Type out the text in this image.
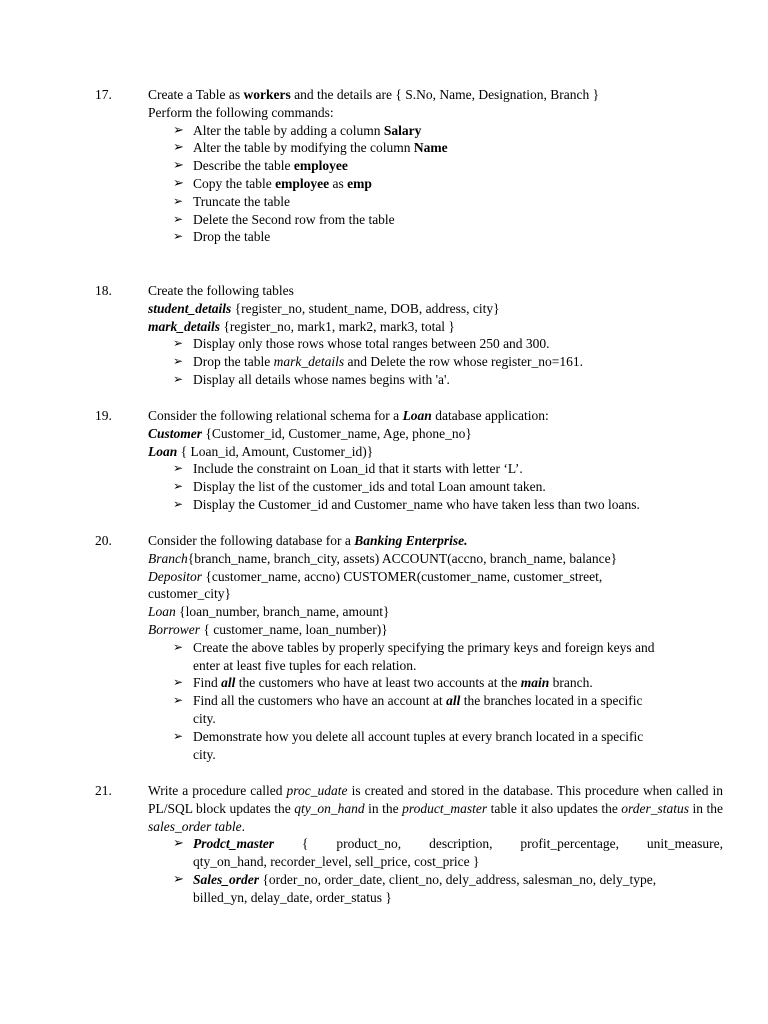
17.	Create a Table as workers and the details are { S.No, Name, Designation, Branch }
Perform the following commands:
➢ Alter the table by adding a column Salary
➢ Alter the table by modifying the column Name
➢ Describe the table employee
➢ Copy the table employee as emp
➢ Truncate the table
➢ Delete the Second row from the table
➢ Drop the table
18.	Create the following tables
student_details {register_no, student_name, DOB, address, city}
mark_details {register_no, mark1, mark2, mark3, total }
➢ Display only those rows whose total ranges between 250 and 300.
➢ Drop the table mark_details and Delete the row whose register_no=161.
➢ Display all details whose names begins with 'a'.
19.	Consider the following relational schema for a Loan database application:
Customer {Customer_id, Customer_name, Age, phone_no}
Loan { Loan_id, Amount, Customer_id)}
➢ Include the constraint on Loan_id that it starts with letter ‘L’.
➢ Display the list of the customer_ids and total Loan amount taken.
➢ Display the Customer_id and Customer_name who have taken less than two loans.
20.	Consider the following database for a Banking Enterprise.
Branch{branch_name, branch_city, assets) ACCOUNT(accno, branch_name, balance}
Depositor {customer_name, accno) CUSTOMER(customer_name, customer_street,
customer_city}
Loan {loan_number, branch_name, amount}
Borrower { customer_name, loan_number)}
➢ Create the above tables by properly specifying the primary keys and foreign keys and
enter at least five tuples for each relation.
➢ Find all the customers who have at least two accounts at the main branch.
➢ Find all the customers who have an account at all the branches located in a specific
city.
➢ Demonstrate how you delete all account tuples at every branch located in a specific
city.
21.	Write a procedure called proc_udate is created and stored in the database. This procedure when called in PL/SQL block updates the qty_on_hand in the product_master table it also updates the order_status in the sales_order table.
➢ Prodct_master { product_no, description, profit_percentage, unit_measure,
qty_on_hand, recorder_level, sell_price, cost_price }
➢ Sales_order {order_no, order_date, client_no, dely_address, salesman_no, dely_type,
billed_yn, delay_date, order_status }
